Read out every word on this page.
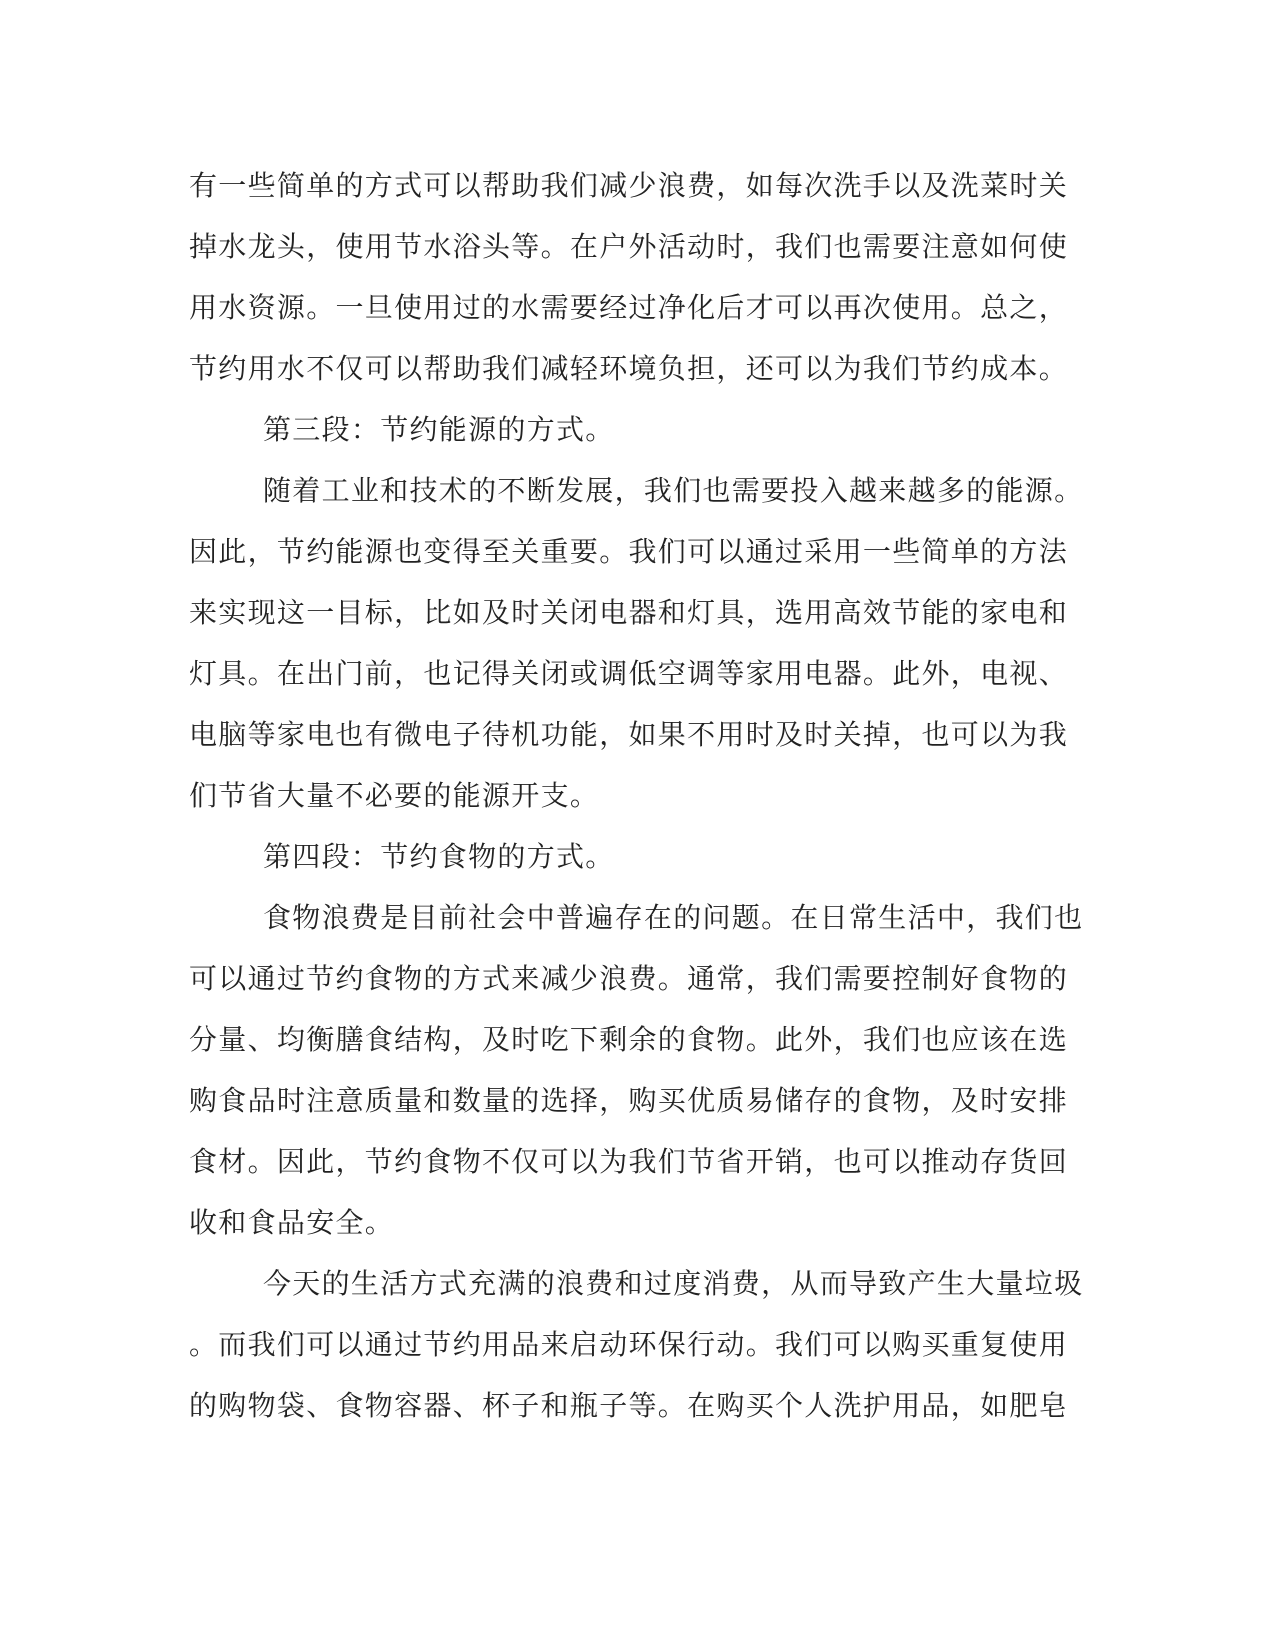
有一些简单的方式可以帮助我们减少浪费，如每次洗手以及洗菜时关
掉水龙头，使用节水浴头等。在户外活动时，我们也需要注意如何使
用水资源。一旦使用过的水需要经过净化后才可以再次使用。总之，
节约用水不仅可以帮助我们减轻环境负担，还可以为我们节约成本。
第三段：节约能源的方式。
随着工业和技术的不断发展，我们也需要投入越来越多的能源。
因此，节约能源也变得至关重要。我们可以通过采用一些简单的方法
来实现这一目标，比如及时关闭电器和灯具，选用高效节能的家电和
灯具。在出门前，也记得关闭或调低空调等家用电器。此外，电视、
电脑等家电也有微电子待机功能，如果不用时及时关掉，也可以为我
们节省大量不必要的能源开支。
第四段：节约食物的方式。
食物浪费是目前社会中普遍存在的问题。在日常生活中，我们也
可以通过节约食物的方式来减少浪费。通常，我们需要控制好食物的
分量、均衡膳食结构，及时吃下剩余的食物。此外，我们也应该在选
购食品时注意质量和数量的选择，购买优质易储存的食物，及时安排
食材。因此，节约食物不仅可以为我们节省开销，也可以推动存货回
收和食品安全。
今天的生活方式充满的浪费和过度消费，从而导致产生大量垃圾
。而我们可以通过节约用品来启动环保行动。我们可以购买重复使用
的购物袋、食物容器、杯子和瓶子等。在购买个人洗护用品，如肥皂
